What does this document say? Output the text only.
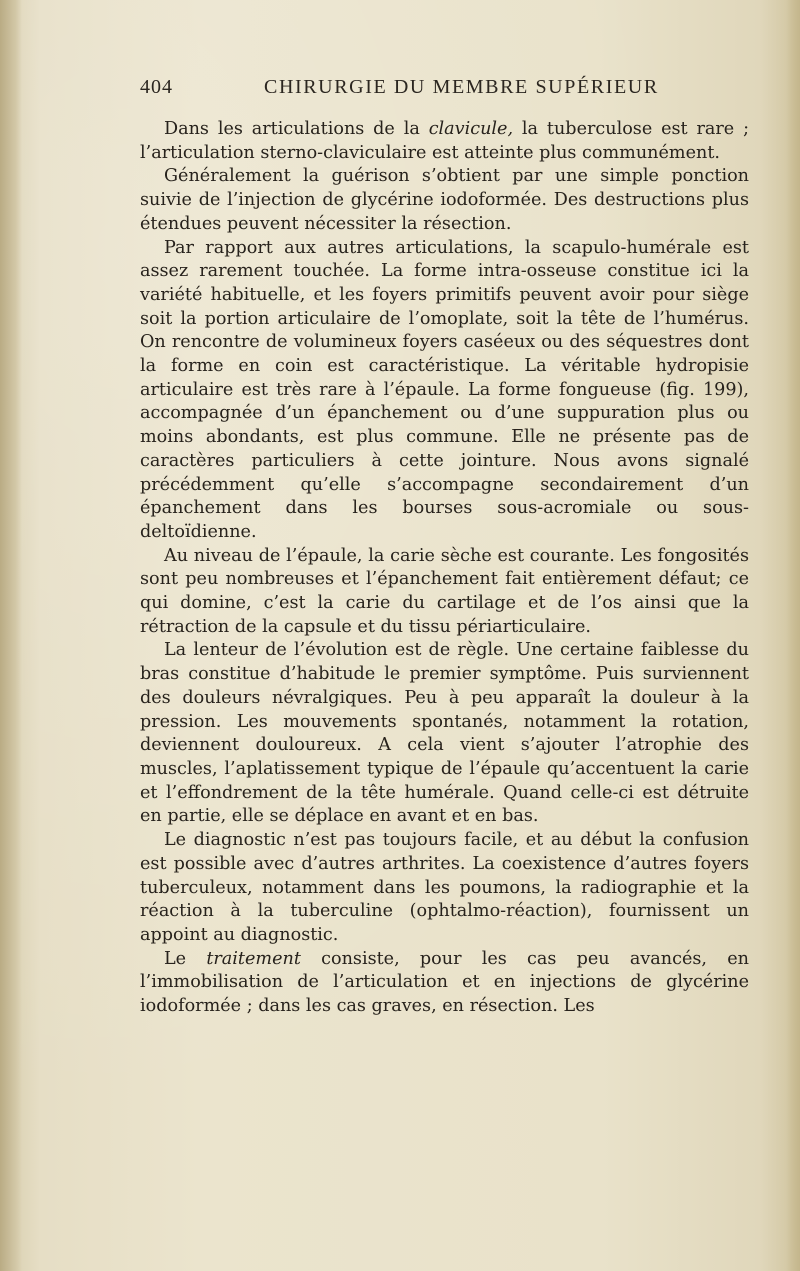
404	CHIRURGIE DU MEMBRE SUPÉRIEUR

Dans les articulations de la clavicule, la tuberculose est rare ; l’articulation sterno-claviculaire est atteinte plus communément.

Généralement la guérison s’obtient par une simple ponction suivie de l’injection de glycérine iodoformée. Des destructions plus étendues peuvent nécessiter la résection.

Par rapport aux autres articulations, la scapulo-humérale est assez rarement touchée. La forme intra-osseuse constitue ici la variété habituelle, et les foyers primitifs peuvent avoir pour siège soit la portion articulaire de l’omoplate, soit la tête de l’humérus. On rencontre de volumineux foyers caséeux ou des séquestres dont la forme en coin est caractéristique. La véritable hydropisie articulaire est très rare à l’épaule. La forme fongueuse (fig. 199), accompagnée d’un épanchement ou d’une suppuration plus ou moins abondants, est plus commune. Elle ne présente pas de caractères particuliers à cette jointure. Nous avons signalé précédemment qu’elle s’accompagne secondairement d’un épanchement dans les bourses sous-acromiale ou sous-deltoïdienne.

Au niveau de l’épaule, la carie sèche est courante. Les fongosités sont peu nombreuses et l’épanchement fait entièrement défaut; ce qui domine, c’est la carie du cartilage et de l’os ainsi que la rétraction de la capsule et du tissu périarticulaire.

La lenteur de l’évolution est de règle. Une certaine faiblesse du bras constitue d’habitude le premier symptôme. Puis surviennent des douleurs névralgiques. Peu à peu apparaît la douleur à la pression. Les mouvements spontanés, notamment la rotation, deviennent douloureux. A cela vient s’ajouter l’atrophie des muscles, l’aplatissement typique de l’épaule qu’accentuent la carie et l’effondrement de la tête humérale. Quand celle-ci est détruite en partie, elle se déplace en avant et en bas.

Le diagnostic n’est pas toujours facile, et au début la confusion est possible avec d’autres arthrites. La coexistence d’autres foyers tuberculeux, notamment dans les poumons, la radiographie et la réaction à la tuberculine (ophtalmo-réaction), fournissent un appoint au diagnostic.

Le traitement consiste, pour les cas peu avancés, en l’immobilisation de l’articulation et en injections de glycérine iodoformée ; dans les cas graves, en résection. Les
